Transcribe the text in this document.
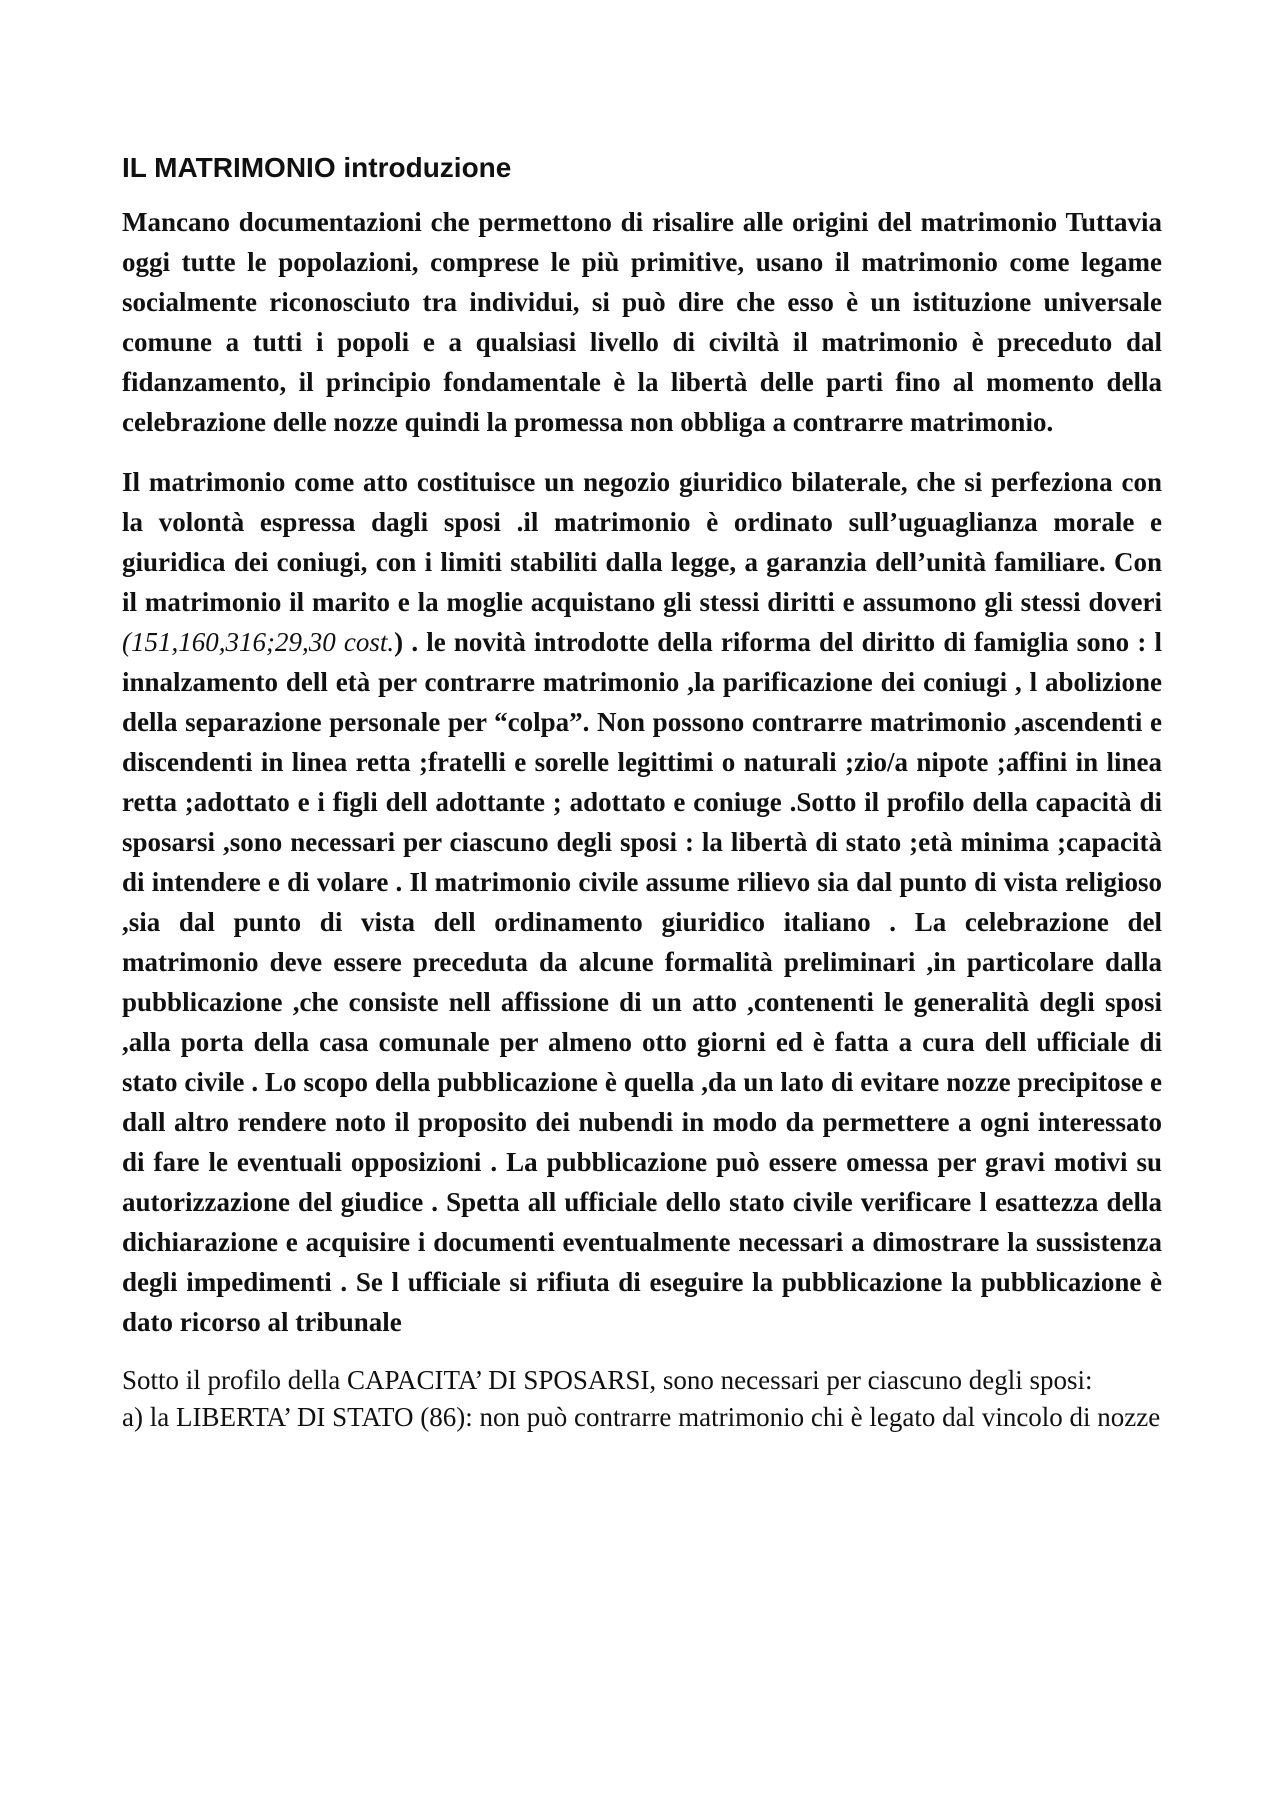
IL MATRIMONIO introduzione

Mancano documentazioni che permettono di risalire alle origini del matrimonio Tuttavia oggi tutte le popolazioni, comprese le più primitive, usano il matrimonio come legame socialmente riconosciuto tra individui, si può dire che esso è un istituzione universale comune a tutti i popoli e a qualsiasi livello di civiltà il matrimonio è preceduto dal fidanzamento, il principio fondamentale è la libertà delle parti fino al momento della celebrazione delle nozze quindi la promessa non obbliga a contrarre matrimonio.

Il matrimonio come atto costituisce un negozio giuridico bilaterale, che si perfeziona con la volontà espressa dagli sposi .il matrimonio è ordinato sull’uguaglianza morale e giuridica dei coniugi, con i limiti stabiliti dalla legge, a garanzia dell’unità familiare. Con il matrimonio il marito e la moglie acquistano gli stessi diritti e assumono gli stessi doveri (151,160,316;29,30 cost.) . le novità introdotte della riforma del diritto di famiglia sono : l innalzamento dell età per contrarre matrimonio ,la parificazione dei coniugi , l abolizione della separazione personale per “colpa”. Non possono contrarre matrimonio ,ascendenti e discendenti in linea retta ;fratelli e sorelle legittimi o naturali ;zio/a nipote ;affini in linea retta ;adottato e i figli dell adottante ; adottato e coniuge .Sotto il profilo della capacità di sposarsi ,sono necessari per ciascuno degli sposi : la libertà di stato ;età minima ;capacità di intendere e di volare . Il matrimonio civile assume rilievo sia dal punto di vista religioso ,sia dal punto di vista dell ordinamento giuridico italiano . La celebrazione del matrimonio deve essere preceduta da alcune formalità preliminari ,in particolare dalla pubblicazione ,che consiste nell affissione di un atto ,contenenti le generalità degli sposi ,alla porta della casa comunale per almeno otto giorni ed è fatta a cura dell ufficiale di stato civile . Lo scopo della pubblicazione è quella ,da un lato di evitare nozze precipitose e dall altro rendere noto il proposito dei nubendi in modo da permettere a ogni interessato di fare le eventuali opposizioni . La pubblicazione può essere omessa per gravi motivi su autorizzazione del giudice . Spetta all ufficiale dello stato civile verificare l esattezza della dichiarazione e acquisire i documenti eventualmente necessari a dimostrare la sussistenza degli impedimenti . Se l ufficiale si rifiuta di eseguire la pubblicazione la pubblicazione è dato ricorso al tribunale

Sotto il profilo della CAPACITA’ DI SPOSARSI, sono necessari per ciascuno degli sposi:

a) la LIBERTA’ DI STATO (86): non può contrarre matrimonio chi è legato dal vincolo di nozze
